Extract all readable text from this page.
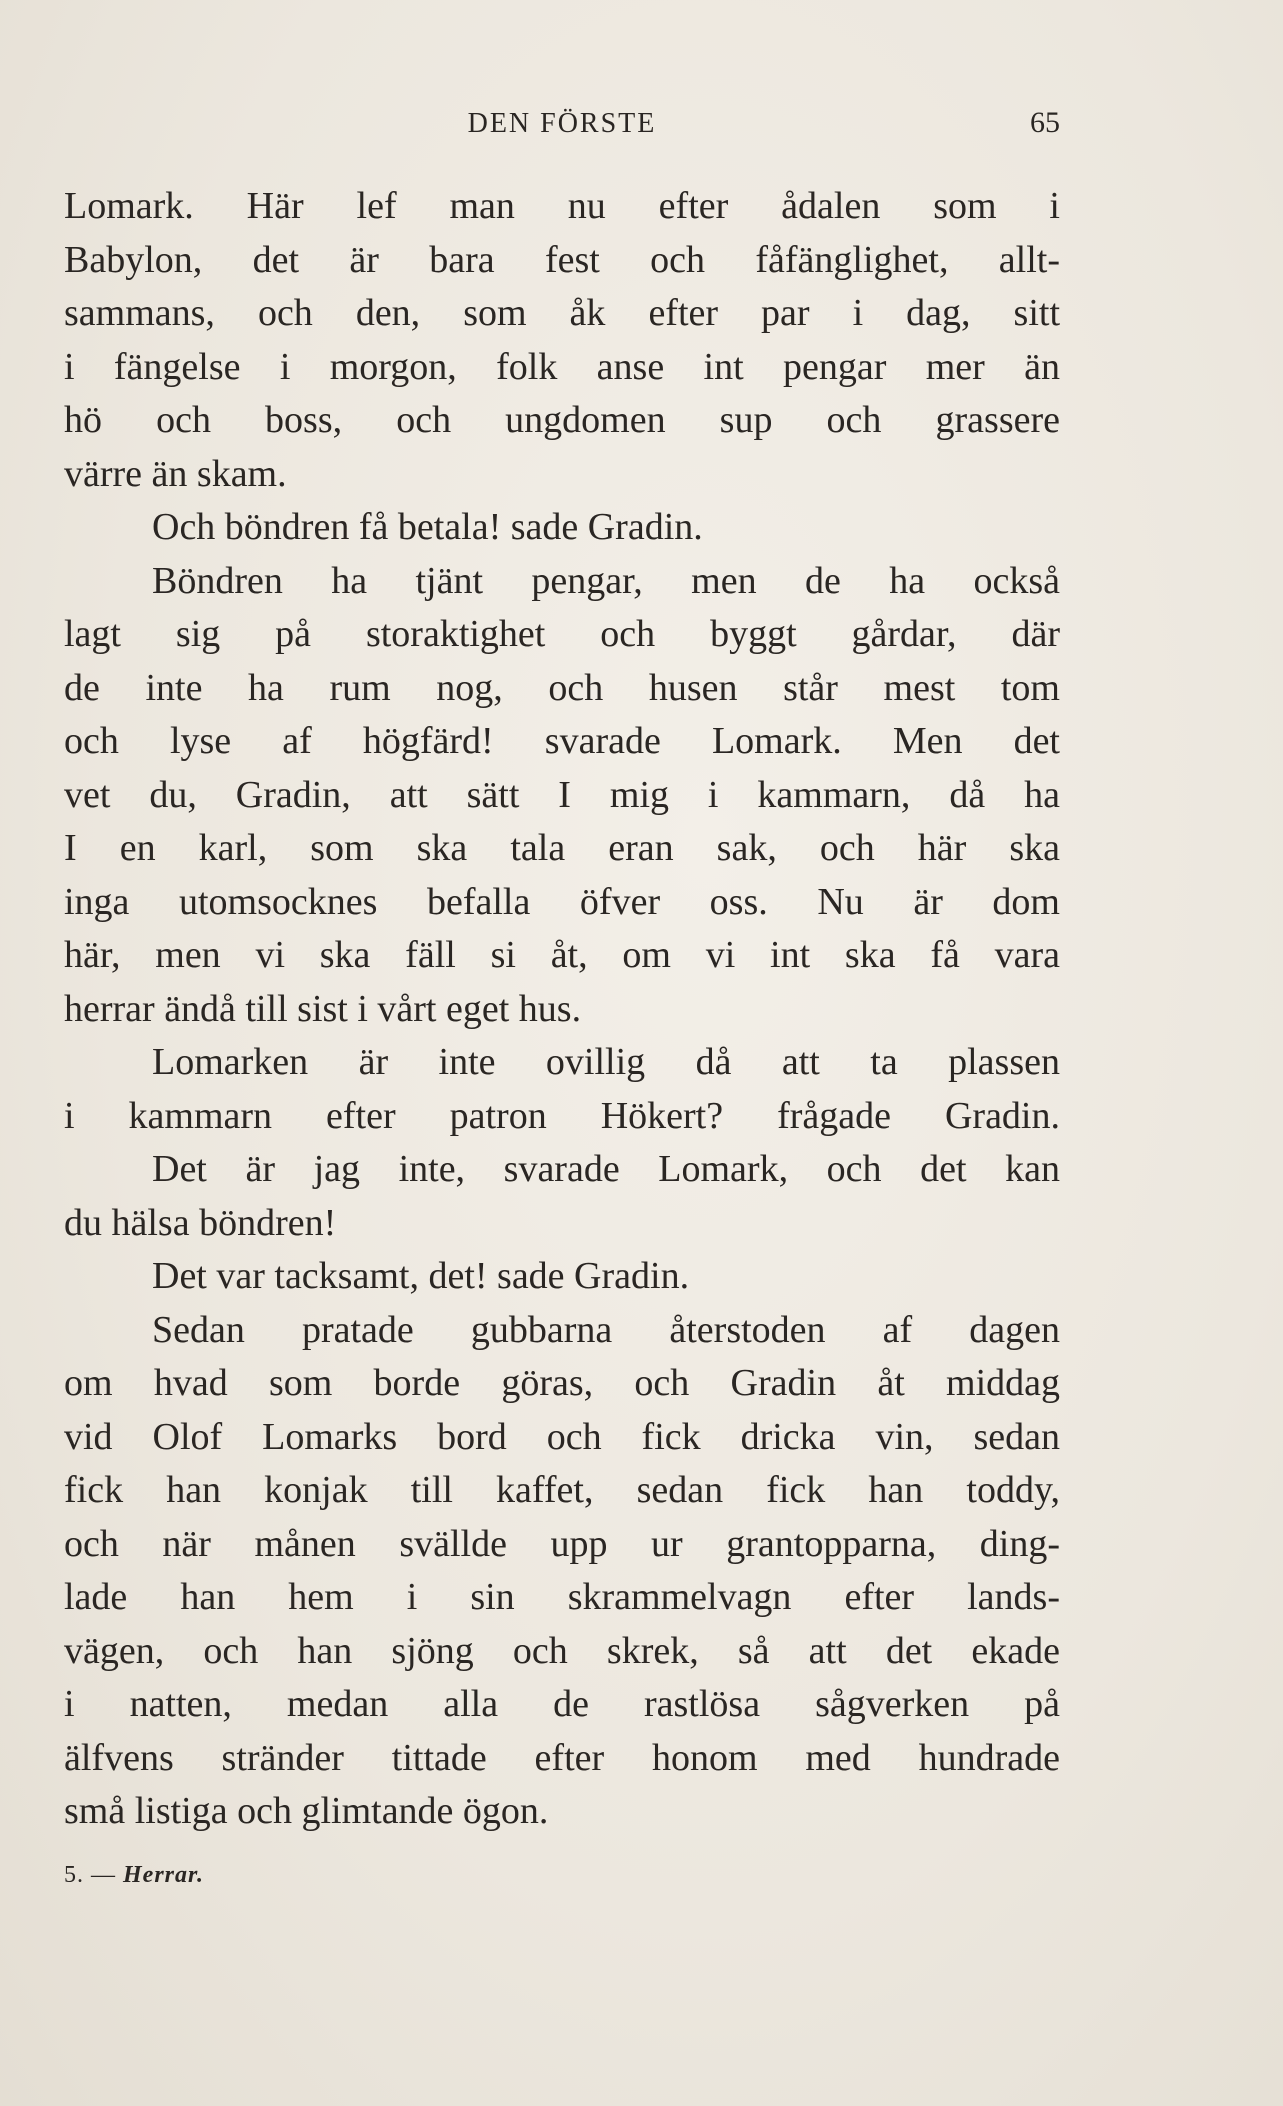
DEN FÖRSTE	65
Lomark. Här lef man nu efter ådalen som i
Babylon, det är bara fest och fåfänglighet, allt-
sammans, och den, som åk efter par i dag, sitt
i fängelse i morgon, folk anse int pengar mer än
hö och boss, och ungdomen sup och grassere
värre än skam.
Och böndren få betala! sade Gradin.
Böndren ha tjänt pengar, men de ha också
lagt sig på storaktighet och byggt gårdar, där
de inte ha rum nog, och husen står mest tom
och lyse af högfärd! svarade Lomark. Men det
vet du, Gradin, att sätt I mig i kammarn, då ha
I en karl, som ska tala eran sak, och här ska
inga utomsocknes befalla öfver oss. Nu är dom
här, men vi ska fäll si åt, om vi int ska få vara
herrar ändå till sist i vårt eget hus.
Lomarken är inte ovillig då att ta plassen
i kammarn efter patron Hökert? frågade Gradin.
Det är jag inte, svarade Lomark, och det kan
du hälsa böndren!
Det var tacksamt, det! sade Gradin.
Sedan pratade gubbarna återstoden af dagen
om hvad som borde göras, och Gradin åt middag
vid Olof Lomarks bord och fick dricka vin, sedan
fick han konjak till kaffet, sedan fick han toddy,
och när månen svällde upp ur grantopparna, ding-
lade han hem i sin skrammelvagn efter lands-
vägen, och han sjöng och skrek, så att det ekade
i natten, medan alla de rastlösa sågverken på
älfvens stränder tittade efter honom med hundrade
små listiga och glimtande ögon.
5. — Herrar.
